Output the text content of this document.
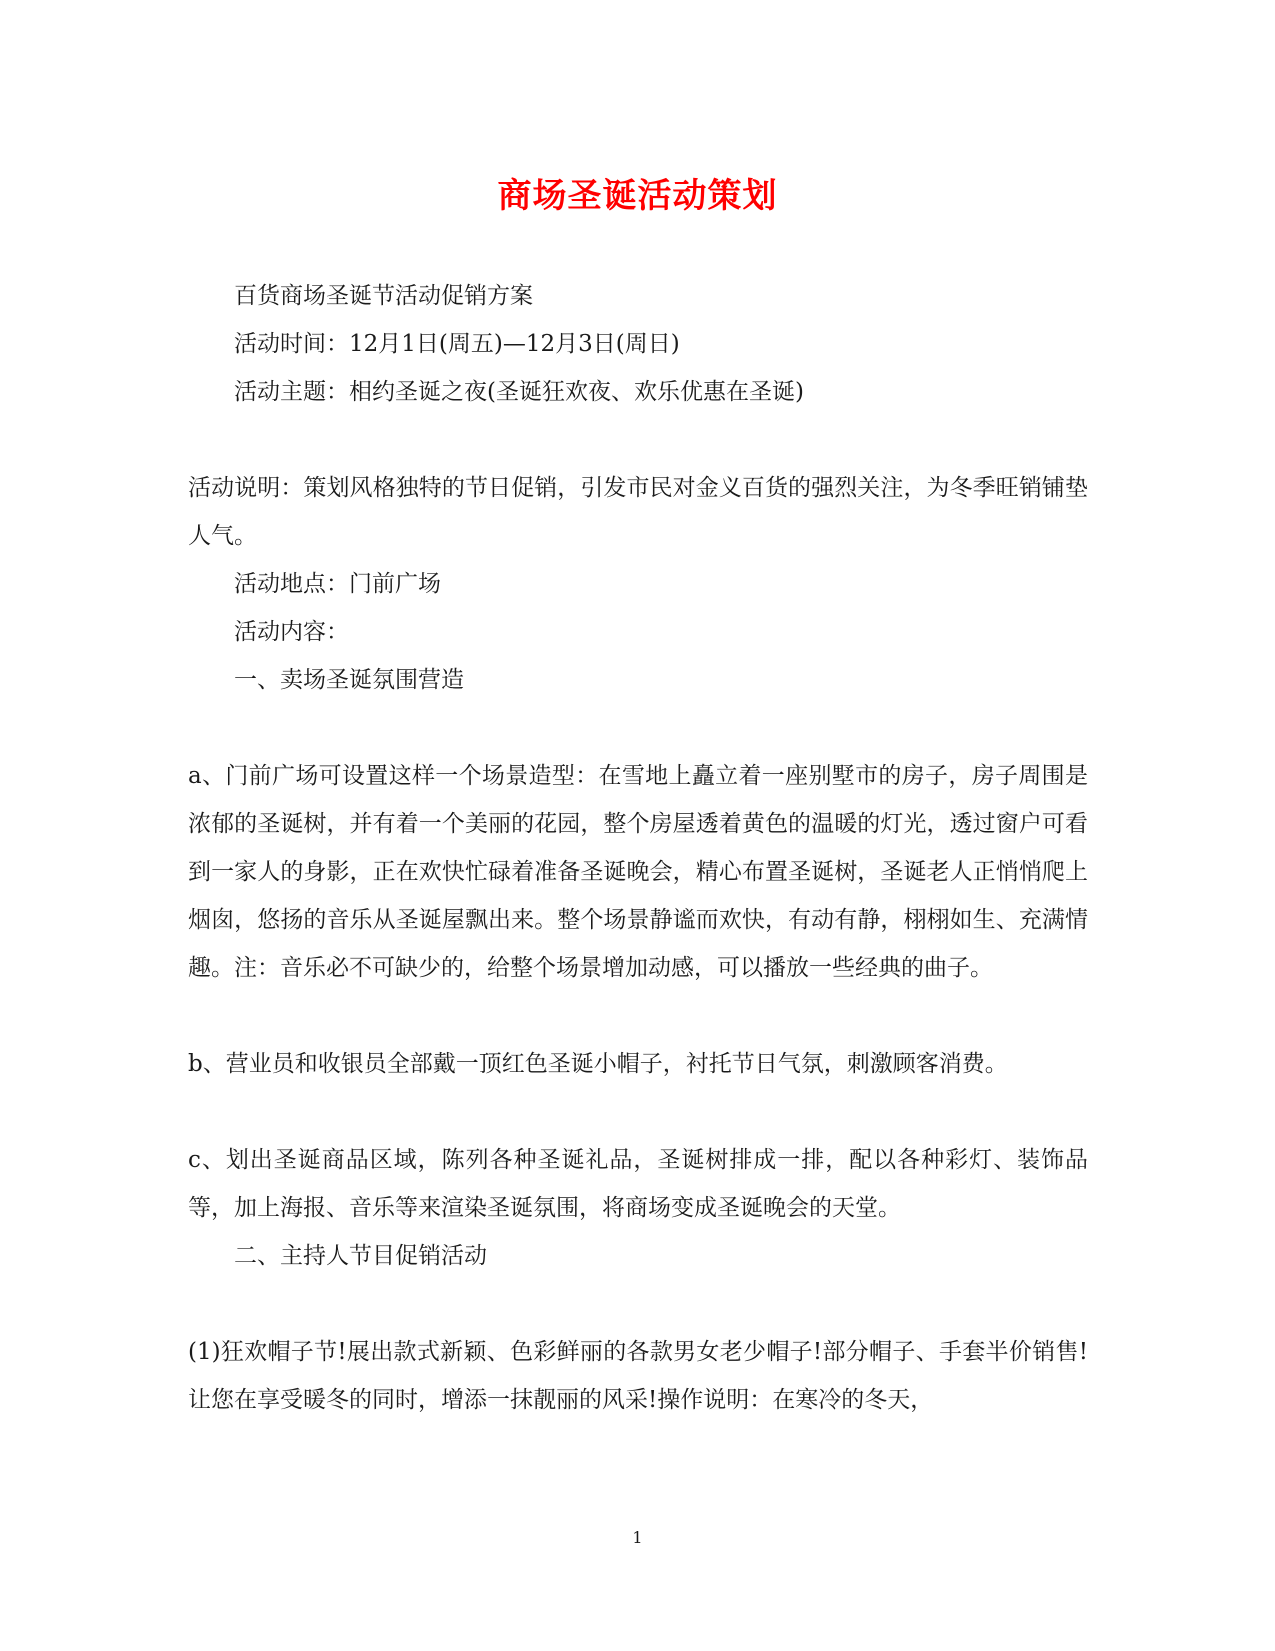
商场圣诞活动策划

百货商场圣诞节活动促销方案

活动时间：12月1日(周五)—12月3日(周日)

活动主题：相约圣诞之夜(圣诞狂欢夜、欢乐优惠在圣诞)

活动说明：策划风格独特的节日促销，引发市民对金义百货的强烈关注，为冬季旺销铺垫人气。

活动地点：门前广场

活动内容：

一、卖场圣诞氛围营造

a、门前广场可设置这样一个场景造型：在雪地上矗立着一座别墅市的房子，房子周围是浓郁的圣诞树，并有着一个美丽的花园，整个房屋透着黄色的温暖的灯光，透过窗户可看到一家人的身影，正在欢快忙碌着准备圣诞晚会，精心布置圣诞树，圣诞老人正悄悄爬上烟囱，悠扬的音乐从圣诞屋飘出来。整个场景静谧而欢快，有动有静，栩栩如生、充满情趣。注：音乐必不可缺少的，给整个场景增加动感，可以播放一些经典的曲子。

b、营业员和收银员全部戴一顶红色圣诞小帽子，衬托节日气氛，刺激顾客消费。

c、划出圣诞商品区域，陈列各种圣诞礼品，圣诞树排成一排，配以各种彩灯、装饰品等，加上海报、音乐等来渲染圣诞氛围，将商场变成圣诞晚会的天堂。

二、主持人节目促销活动

(1)狂欢帽子节!展出款式新颖、色彩鲜丽的各款男女老少帽子!部分帽子、手套半价销售!让您在享受暖冬的同时，增添一抹靓丽的风采!操作说明：在寒冷的冬天，

1
